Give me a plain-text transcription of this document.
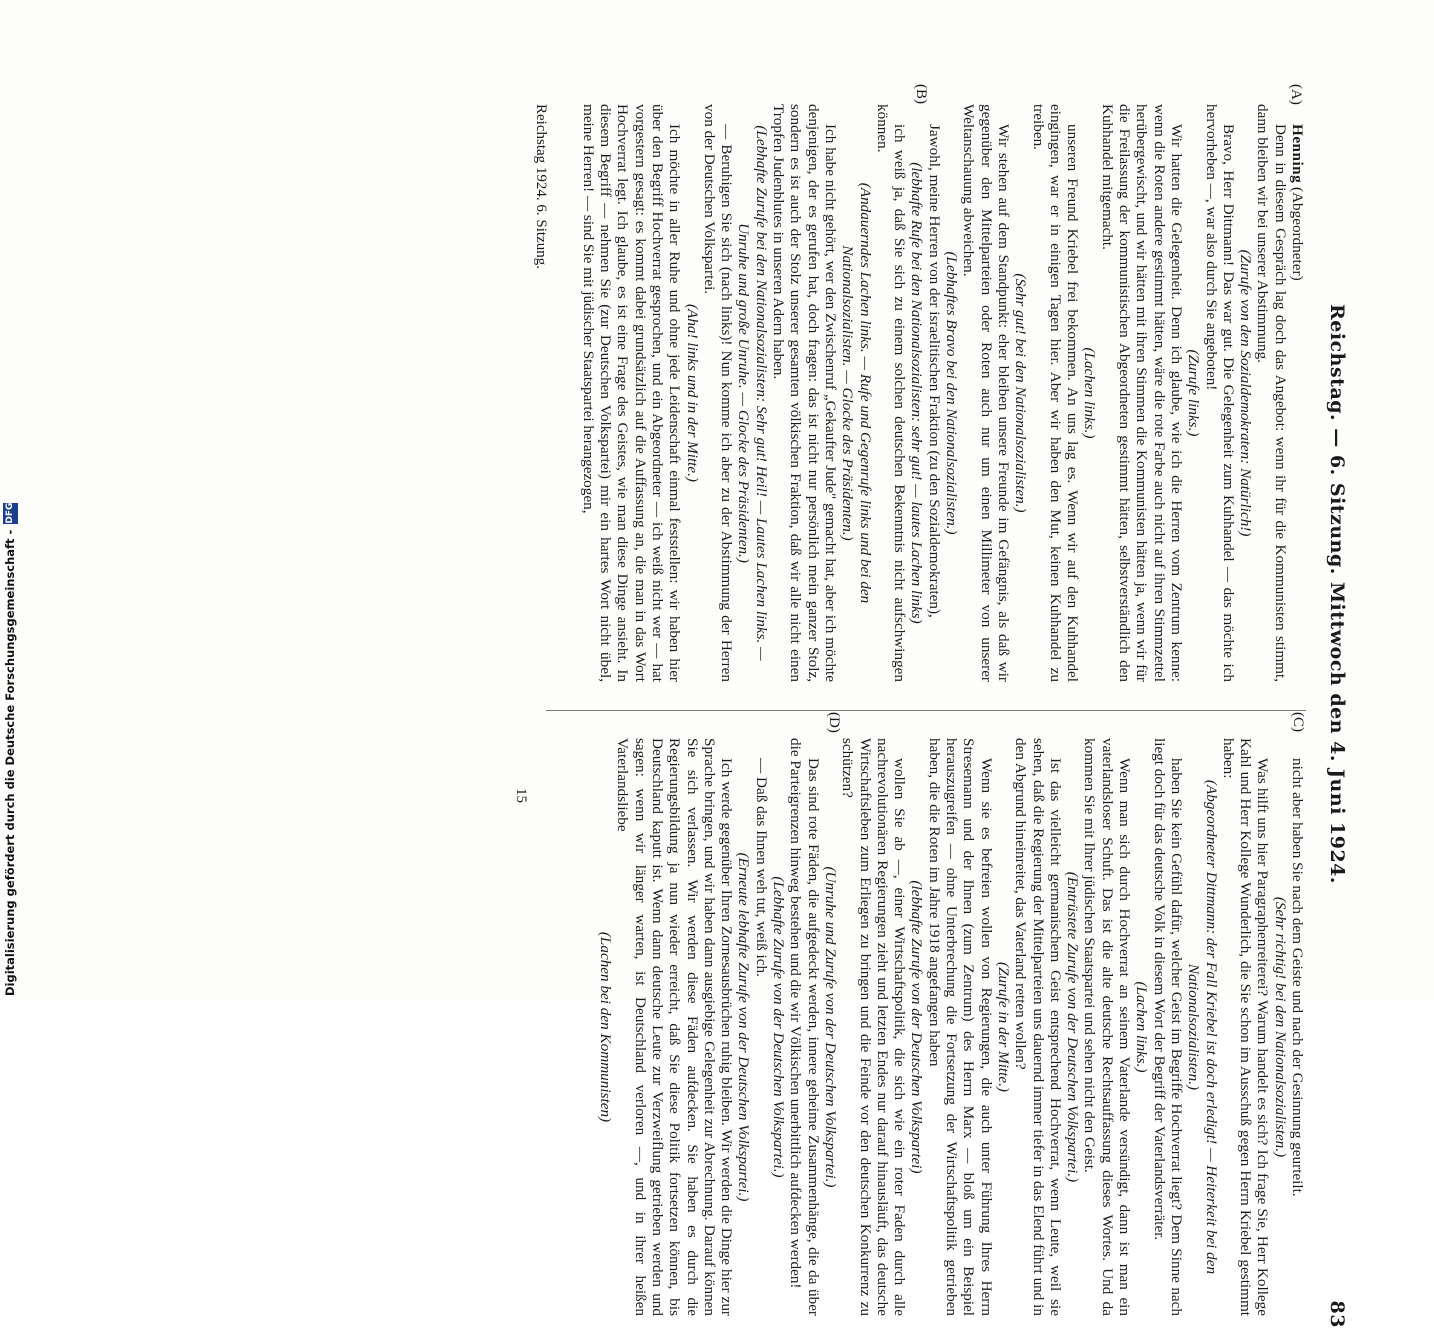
Reichstag. — 6. Sitzung. Mittwoch den 4. Juni 1924.
83
(A)
(B)
(C)
(D)

Henning (Abgeordneter)

Denn in diesem Gespräch lag doch das Angebot: wenn ihr für die Kommunisten stimmt, dann bleiben wir bei unserer Abstimmung.

(Zurufe von den Sozialdemokraten: Natürlich!)

Bravo, Herr Dittmann! Das war gut. Die Gelegenheit zum Kuhhandel — das möchte ich hervorheben —, war also durch Sie angeboten!

(Zurufe links.)

Wir hatten die Gelegenheit. Denn ich glaube, wie ich die Herren vom Zentrum kenne: wenn die Roten andere gestimmt hätten, wäre die rote Farbe auch nicht auf ihren Stimmzettel herübergewischt, und wir hätten mit ihren Stimmen die Kommunisten hätten ja, wenn wir für die Freilassung der kommunistischen Abgeordneten gestimmt hätten, selbstverständlich den Kuhhandel mitgemacht.

(Lachen links.)

unseren Freund Kriebel frei bekommen. An uns lag es. Wenn wir auf den Kuhhandel eingingen, war er in einigen Tagen hier. Aber wir haben den Mut, keinen Kuhhandel zu treiben.

(Sehr gut! bei den Nationalsozialisten.)

Wir stehen auf dem Standpunkt: eher bleiben unsere Freunde im Gefängnis, als daß wir gegenüber den Mittelparteien oder Roten auch nur um einen Millimeter von unserer Weltanschauung abweichen.

(Lebhaftes Bravo bei den Nationalsozialisten.)

Jawohl, meine Herren von der israelitischen Fraktion (zu den Sozialdemokraten),

(lebhafte Rufe bei den Nationalsozialisten: sehr gut! — lautes Lachen links)

ich weiß ja, daß Sie sich zu einem solchen deutschen Bekenntnis nicht aufschwingen können.

(Andauerndes Lachen links. — Rufe und Gegenrufe links und bei den Nationalsozialisten. — Glocke des Präsidenten.)

Ich habe nicht gehört, wer den Zwischenruf „Gekaufter Jude" gemacht hat, aber ich möchte denjenigen, der es gerufen hat, doch fragen: das ist nicht nur persönlich mein ganzer Stolz, sondern es ist auch der Stolz unserer gesamten völkischen Fraktion, daß wir alle nicht einen Tropfen Judenblutes in unseren Adern haben.

(Lebhafte Zurufe bei den Nationalsozialisten: Sehr gut! Heil! — Lautes Lachen links. — Unruhe und große Unruhe. — Glocke des Präsidenten.)

— Beruhigen Sie sich (nach links)! Nun komme ich aber zu der Abstimmung der Herren von der Deutschen Volkspartei.

(Aha! links und in der Mitte.)

Ich möchte in aller Ruhe und ohne jede Leidenschaft einmal feststellen: wir haben hier über den Begriff Hochverrat gesprochen, und ein Abgeordneter — ich weiß nicht wer — hat vorgestern gesagt: es kommt dabei grundsätzlich auf die Auffassung an, die man in das Wort Hochverrat legt. Ich glaube, es ist eine Frage des Geistes, wie man diese Dinge ansieht. In diesem Begriff — nehmen Sie (zur Deutschen Volkspartei) mir ein hartes Wort nicht übel, meine Herren! — sind Sie mit jüdischer Staatspartei herangezogen,

nicht aber haben Sie nach dem Geiste und nach der Gesinnung geurteilt.

(Sehr richtig! bei den Nationalsozialisten.)

Was hilft uns hier Paragraphenreiterei? Warum handelt es sich? Ich frage Sie, Herr Kollege Kahl und Herr Kollege Wunderlich, die Sie schon im Ausschuß gegen Herrn Kriebel gestimmt haben:

(Abgeordneter Dittmann: der Fall Kriebel ist doch erledigt! — Heiterkeit bei den Nationalsozialisten.)

haben Sie kein Gefühl dafür, welcher Geist im Begriffe Hochverrat liegt? Dem Sinne nach liegt doch für das deutsche Volk in diesem Wort der Begriff der Vaterlandsverräter.

(Lachen links.)

Wenn man sich durch Hochverrat an seinem Vaterlande versündigt, dann ist man ein vaterlandsloser Schuft. Das ist die alte deutsche Rechtsauffassung dieses Wortes. Und da kommen Sie mit Ihrer jüdischen Staatspartei und sehen nicht den Geist.

(Entrüstete Zurufe von der Deutschen Volkspartei.)

Ist das vielleicht germanischem Geist entsprechend Hochverrat, wenn Leute, weil sie sehen, daß die Regierung der Mittelparteien uns dauernd immer tiefer in das Elend führt und in den Abgrund hineinreitet, das Vaterland retten wollen?

(Zurufe in der Mitte.)

Wenn sie es befreien wollen von Regierungen, die auch unter Führung Ihres Herrn Stresemann und der Ihnen (zum Zentrum) des Herrn Marx — bloß um ein Beispiel herauszugreifen — ohne Unterbrechung die Fortsetzung der Wirtschaftspolitik getrieben haben, die die Roten im Jahre 1918 angefangen haben

(lebhafte Zurufe von der Deutschen Volkspartei)

wollen Sie ab —, einer Wirtschaftspolitik, die sich wie ein roter Faden durch alle nachrevolutionären Regierungen zieht und letzten Endes nur darauf hinausläuft, das deutsche Wirtschaftsleben zum Erliegen zu bringen und die Feinde vor den deutschen Konkurrenz zu schützen?

(Unruhe und Zurufe von der Deutschen Volkspartei.)

Das sind rote Fäden, die aufgedeckt werden, innere geheime Zusammenhänge, die da über die Parteigrenzen hinweg bestehen und die wir Völkischen unerbittlich aufdecken werden!

(Lebhafte Zurufe von der Deutschen Volkspartei.)

— Daß das Ihnen weh tut, weiß ich.

(Erneute lebhafte Zurufe von der Deutschen Volkspartei.)

Ich werde gegenüber Ihren Zornesausbrüchen ruhig bleiben. Wir werden die Dinge hier zur Sprache bringen, und wir haben dann ausgiebige Gelegenheit zur Abrechnung. Darauf können Sie sich verlassen. Wir werden diese Fäden aufdecken. Sie haben es durch die Regierungsbildung ja nun wieder erreicht, daß Sie diese Politik fortsetzen können, bis Deutschland kaputt ist. Wenn dann deutsche Leute zur Verzweiflung getrieben werden und sagen: wenn wir länger warten, ist Deutschland verloren —, und in ihrer heißen Vaterlandsliebe

(Lachen bei den Kommunisten)

Reichstag 1924. 6. Sitzung.
15
Digitalisierung gefördert durch die Deutsche Forschungsgemeinschaft -
DFG
